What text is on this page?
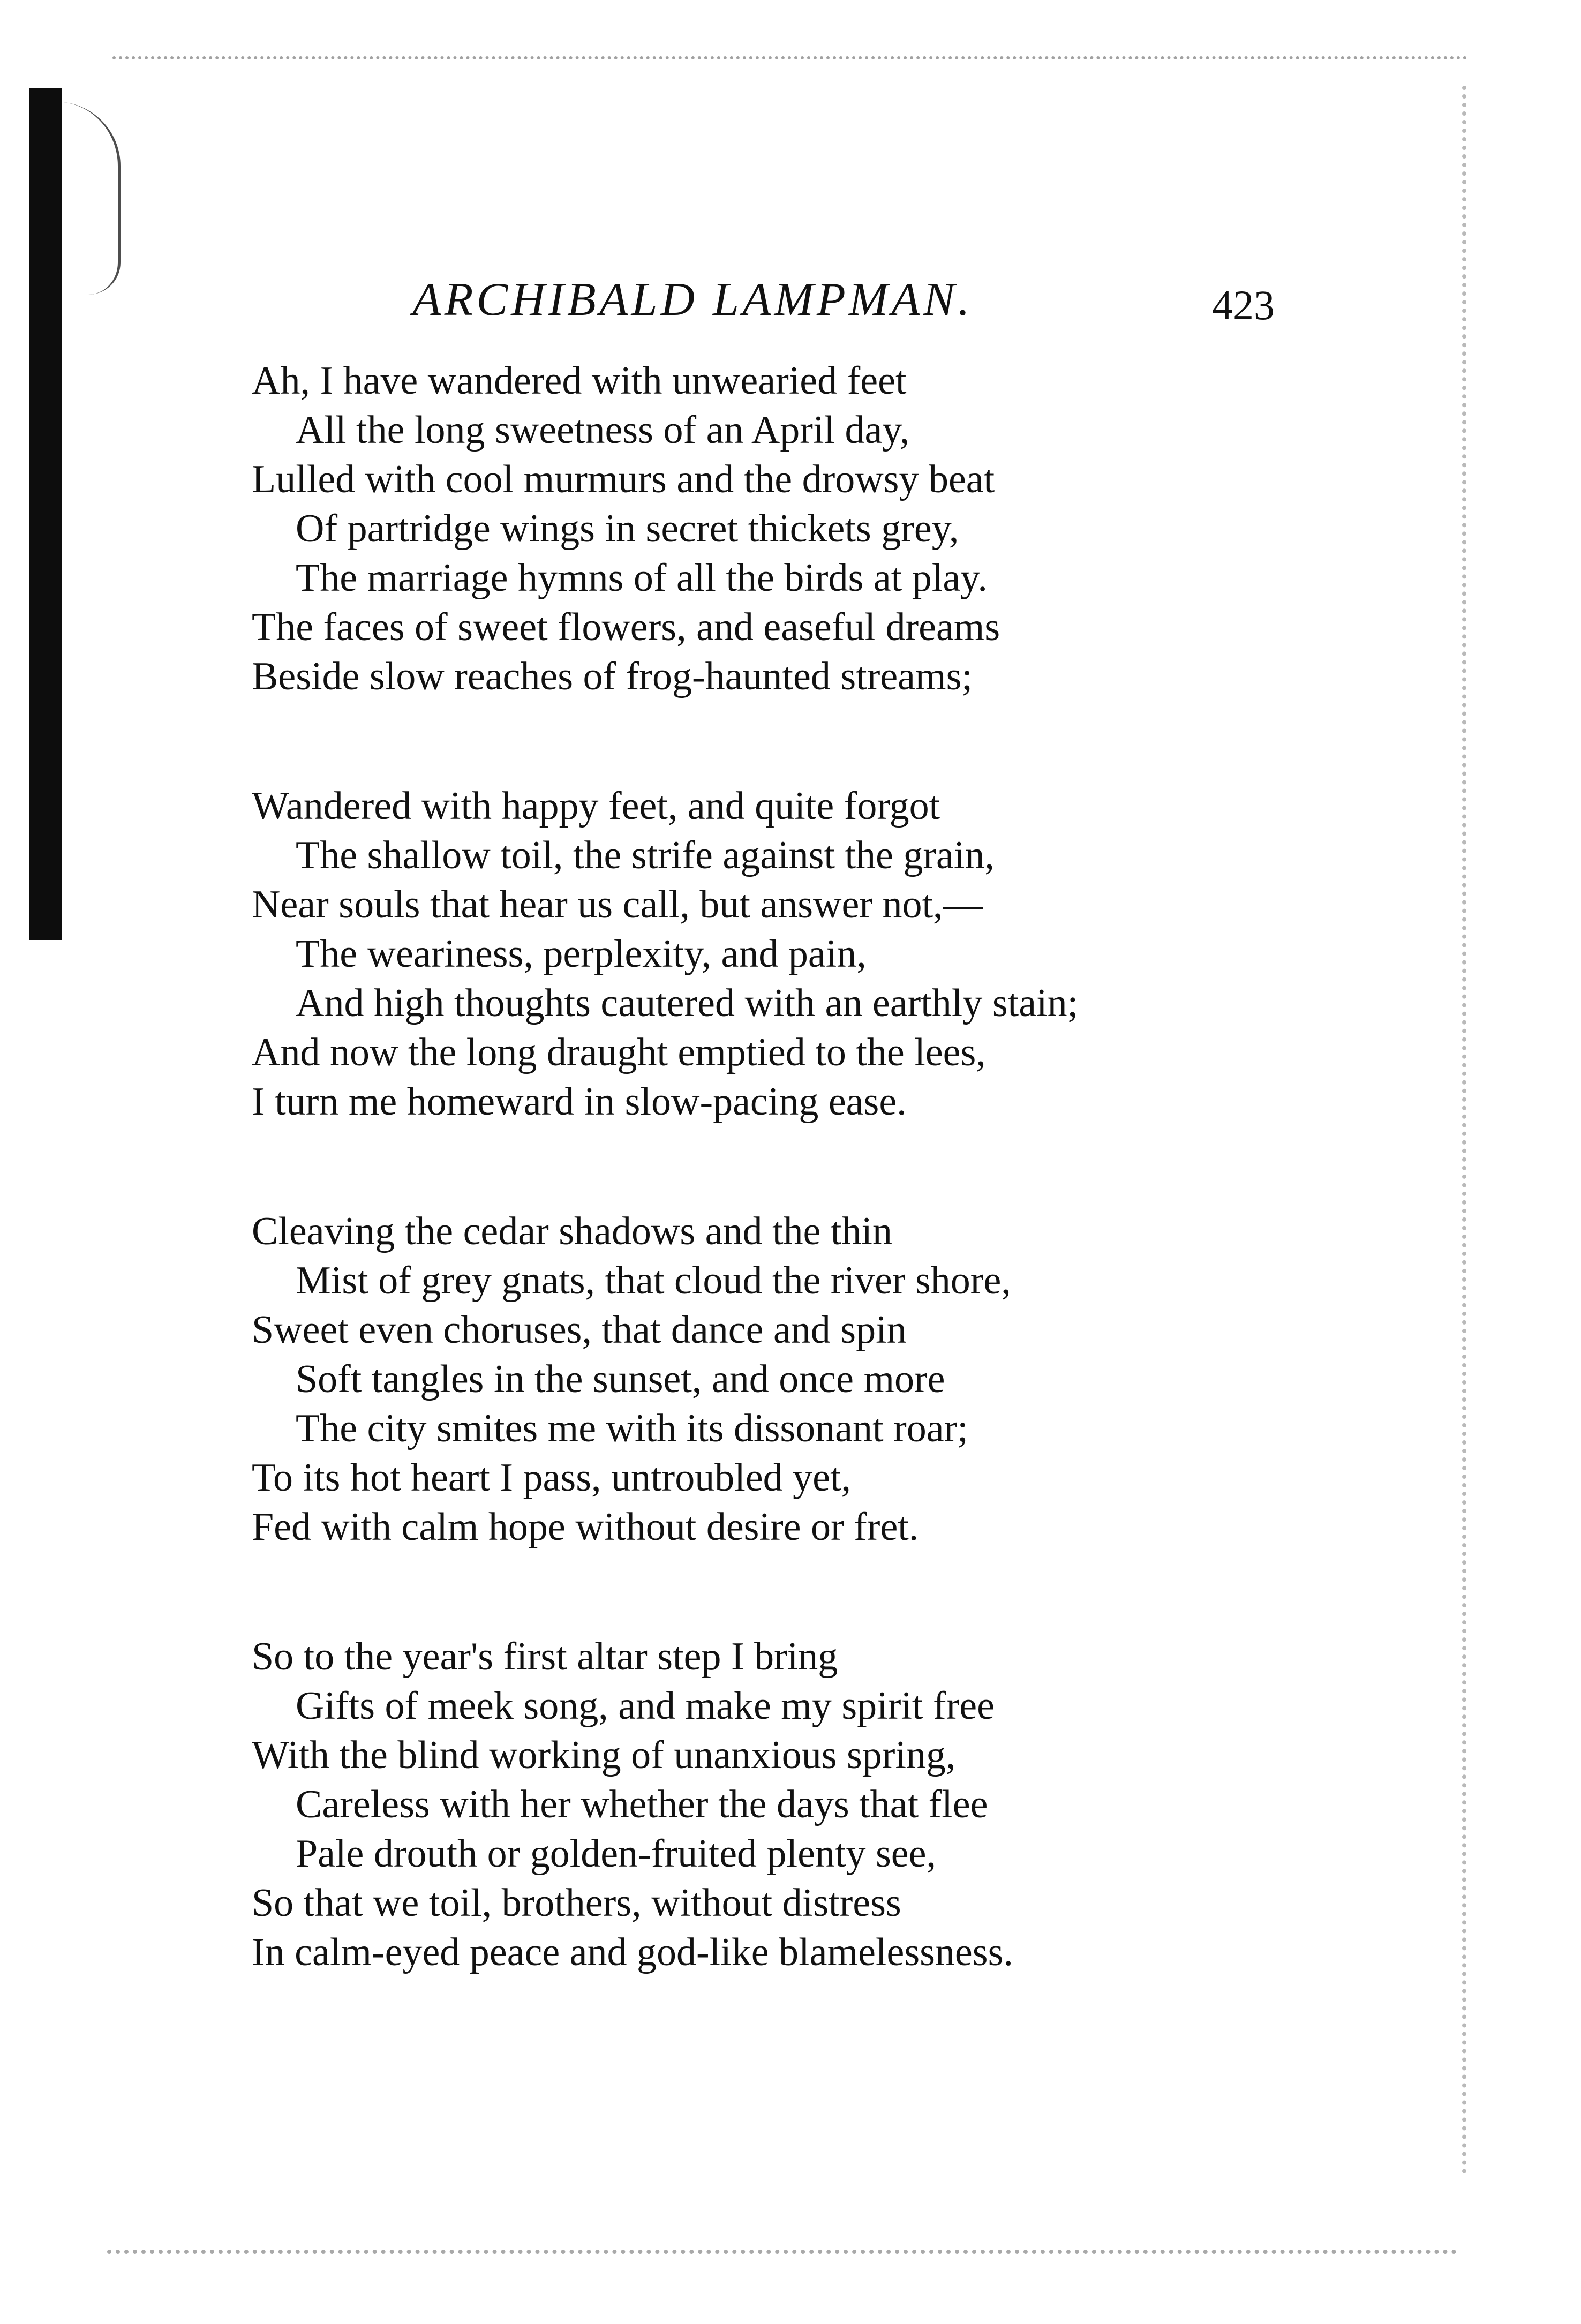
ARCHIBALD LAMPMAN.	423
Ah, I have wandered with unwearied feet
All the long sweetness of an April day,
Lulled with cool murmurs and the drowsy beat
Of partridge wings in secret thickets grey,
The marriage hymns of all the birds at play.
The faces of sweet flowers, and easeful dreams
Beside slow reaches of frog-haunted streams;
Wandered with happy feet, and quite forgot
The shallow toil, the strife against the grain,
Near souls that hear us call, but answer not,—
The weariness, perplexity, and pain,
And high thoughts cautered with an earthly stain;
And now the long draught emptied to the lees,
I turn me homeward in slow-pacing ease.
Cleaving the cedar shadows and the thin
Mist of grey gnats, that cloud the river shore,
Sweet even choruses, that dance and spin
Soft tangles in the sunset, and once more
The city smites me with its dissonant roar;
To its hot heart I pass, untroubled yet,
Fed with calm hope without desire or fret.
So to the year's first altar step I bring
Gifts of meek song, and make my spirit free
With the blind working of unanxious spring,
Careless with her whether the days that flee
Pale drouth or golden-fruited plenty see,
So that we toil, brothers, without distress
In calm-eyed peace and god-like blamelessness.
